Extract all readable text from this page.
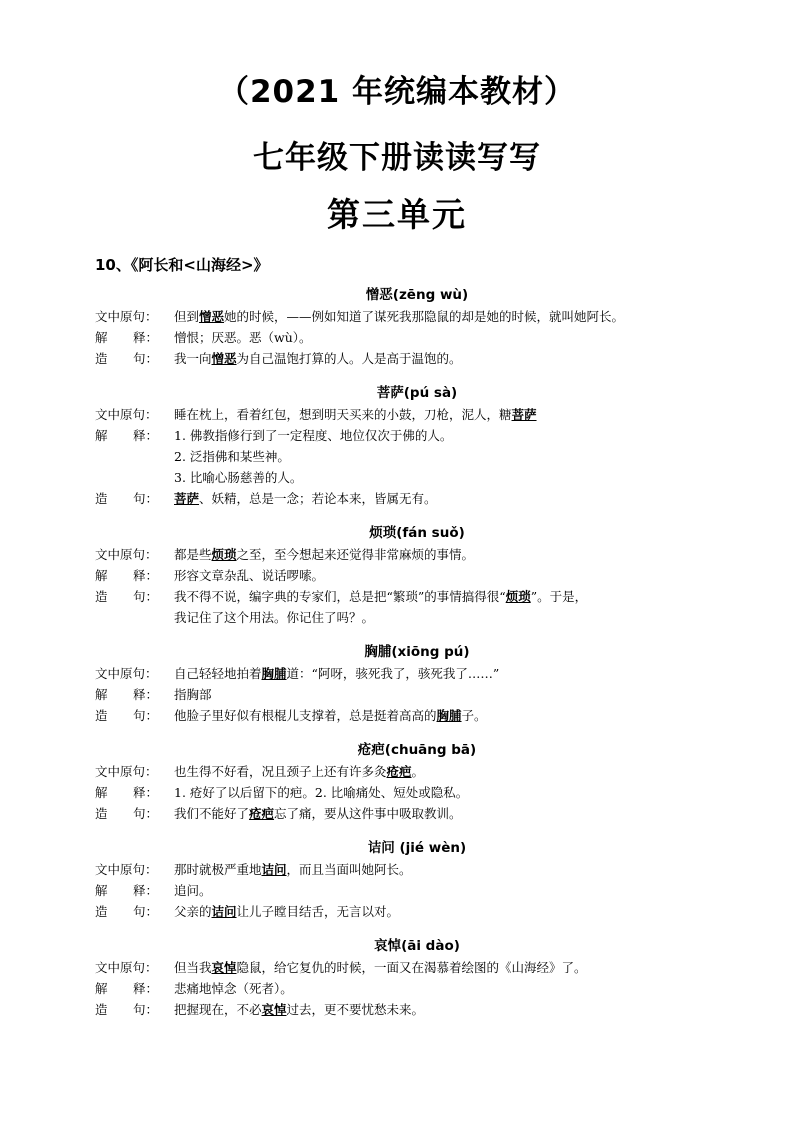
（2021 年统编本教材）
七年级下册读读写写
第三单元
10、《阿长和<山海经>》
憎恶(zēng wù)
文中原句：	但到憎恶她的时候，——例如知道了谋死我那隐鼠的却是她的时候，就叫她阿长。
解 释： 憎恨；厌恶。恶（wù）。
造 句： 我一向憎恶为自己温饱打算的人。人是高于温饱的。
菩萨(pú sà)
文中原句：	睡在枕上，看着红包，想到明天买来的小鼓，刀枪，泥人，糖菩萨
解 释： 1. 佛教指修行到了一定程度、地位仅次于佛的人。
2. 泛指佛和某些神。
3. 比喻心肠慈善的人。
造 句： 菩萨、妖精，总是一念；若论本来，皆属无有。
烦琐(fán suǒ)
文中原句：	都是些烦琐之至，至今想起来还觉得非常麻烦的事情。
解 释： 形容文章杂乱、说话啰嗦。
造 句： 我不得不说，编字典的专家们，总是把“繁琐”的事情搞得很“烦琐”。于是，
我记住了这个用法。你记住了吗？。
胸脯(xiōng pú)
文中原句：	自己轻轻地拍着胸脯道：“阿呀，骇死我了，骇死我了……”
解 释： 指胸部
造 句： 他脸子里好似有根棍儿支撑着，总是挺着高高的胸脯子。
疮疤(chuāng bā)
文中原句：	也生得不好看，况且颈子上还有许多灸疮疤。
解 释： 1. 疮好了以后留下的疤。2. 比喻痛处、短处或隐私。
造 句： 我们不能好了疮疤忘了痛，要从这件事中吸取教训。
诘问 (jié wèn)
文中原句：	那时就极严重地诘问，而且当面叫她阿长。
解 释： 追问。
造 句： 父亲的诘问让儿子瞠目结舌，无言以对。
哀悼(āi dào)
文中原句：	但当我哀悼隐鼠，给它复仇的时候，一面又在渴慕着绘图的《山海经》了。
解 释： 悲痛地悼念（死者）。
造 句： 把握现在，不必哀悼过去，更不要忧愁未来。
